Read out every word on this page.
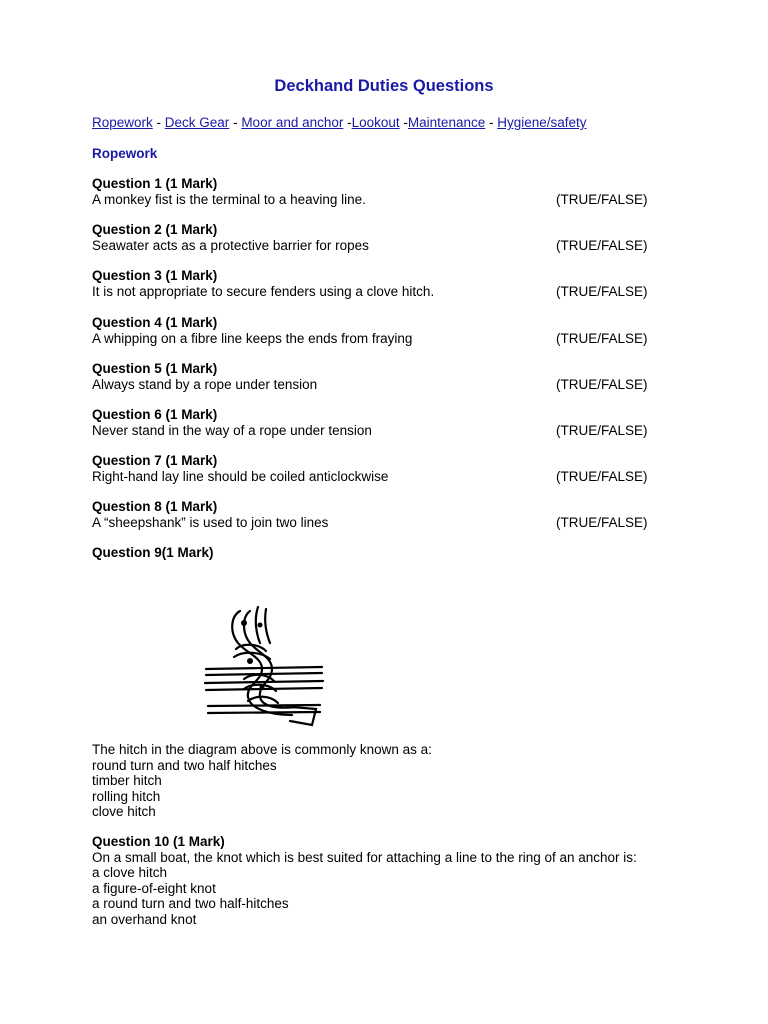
Deckhand Duties Questions
Ropework - Deck Gear - Moor and anchor -Lookout -Maintenance - Hygiene/safety
Ropework
Question 1 (1 Mark)
A monkey fist is the terminal to a heaving line.	(TRUE/FALSE)
Question 2 (1 Mark)
Seawater acts as a protective barrier for ropes	(TRUE/FALSE)
Question 3 (1 Mark)
It is not appropriate to secure fenders using a clove hitch.	(TRUE/FALSE)
Question 4 (1 Mark)
A whipping on a fibre line keeps the ends from fraying	(TRUE/FALSE)
Question 5 (1 Mark)
Always stand by a rope under tension	(TRUE/FALSE)
Question 6 (1 Mark)
Never stand in the way of a rope under tension	(TRUE/FALSE)
Question 7 (1 Mark)
Right-hand lay line should be coiled anticlockwise	(TRUE/FALSE)
Question 8 (1 Mark)
A “sheepshank” is used to join two lines	(TRUE/FALSE)
Question 9(1 Mark)
The hitch in the diagram above is commonly known as a:
round turn and two half hitches
timber hitch
rolling hitch
clove hitch
Question 10 (1 Mark)
On a small boat, the knot which is best suited for attaching a line to the ring of an anchor is:
a clove hitch
a figure-of-eight knot
a round turn and two half-hitches
an overhand knot
